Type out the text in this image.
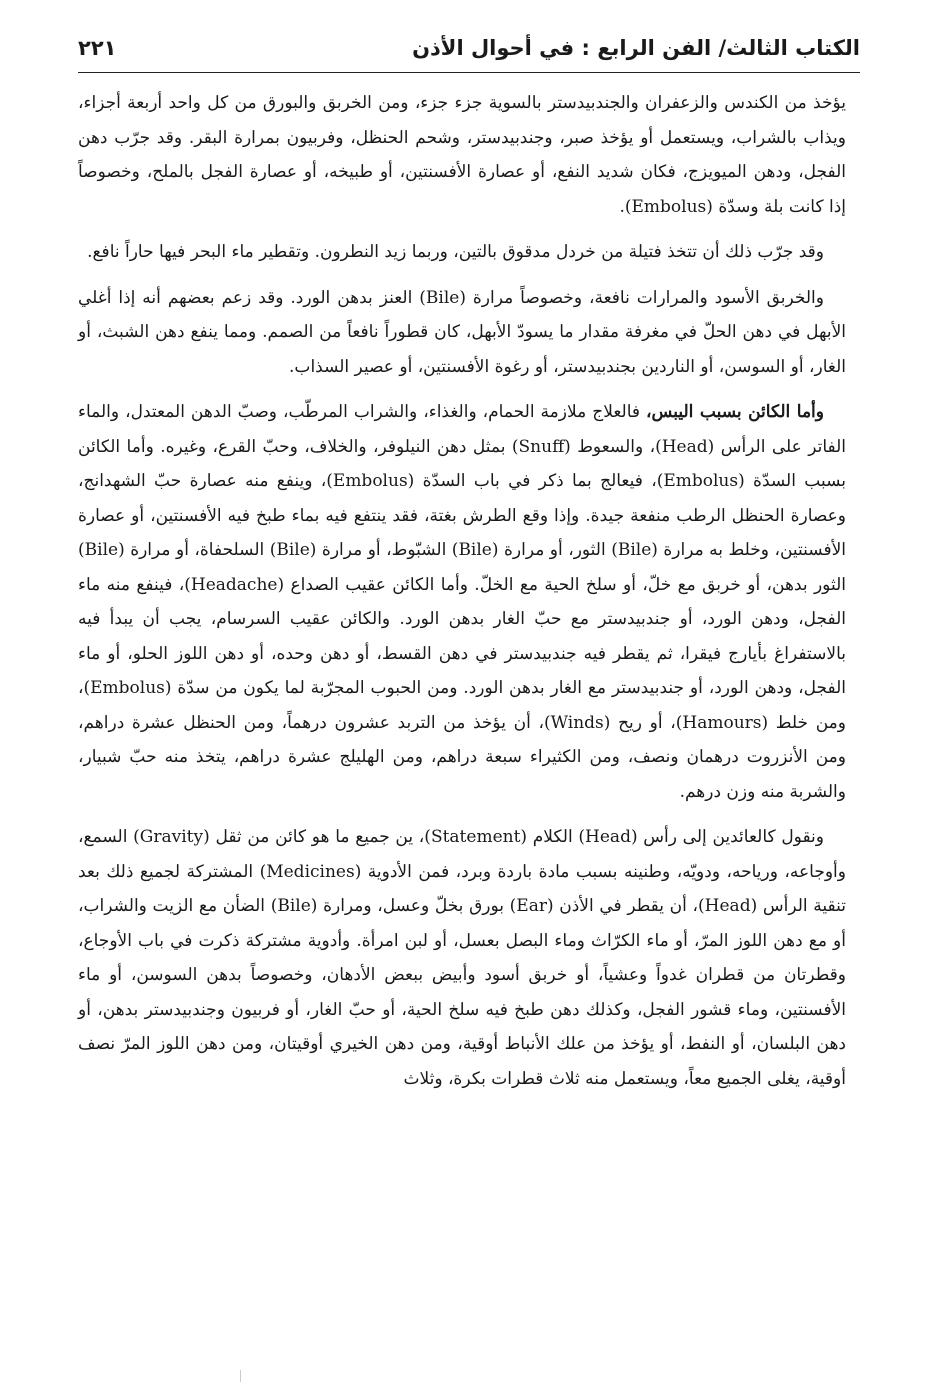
الكتاب الثالث/ الفن الرابع : في أحوال الأذن
٢٢١

يؤخذ من الكندس والزعفران والجندبيدستر بالسوية جزء جزء، ومن الخربق والبورق من كل واحد أربعة أجزاء، ويذاب بالشراب، ويستعمل أو يؤخذ صبر، وجندبيدستر، وشحم الحنظل، وفربيون بمرارة البقر. وقد جرّب دهن الفجل، ودهن الميويزج، فكان شديد النفع، أو عصارة الأفسنتين، أو طبيخه، أو عصارة الفجل بالملح، وخصوصاً إذا كانت بلة وسدّة (Embolus).

وقد جرّب ذلك أن تتخذ فتيلة من خردل مدقوق بالتين، وربما زيد النطرون. وتقطير ماء البحر فيها حاراً نافع.

والخربق الأسود والمرارات نافعة، وخصوصاً مرارة (Bile) العنز بدهن الورد. وقد زعم بعضهم أنه إذا أغلي الأبهل في دهن الحلّ في مغرفة مقدار ما يسودّ الأبهل، كان قطوراً نافعاً من الصمم. ومما ينفع دهن الشبث، أو الغار، أو السوسن، أو الناردين بجندبيدستر، أو رغوة الأفسنتين، أو عصير السذاب.

وأما الكائن بسبب اليبس، فالعلاج ملازمة الحمام، والغذاء، والشراب المرطّب، وصبّ الدهن المعتدل، والماء الفاتر على الرأس (Head)، والسعوط (Snuff) بمثل دهن النيلوفر، والخلاف، وحبّ القرع، وغيره. وأما الكائن بسبب السدّة (Embolus)، فيعالج بما ذكر في باب السدّة (Embolus)، وينفع منه عصارة حبّ الشهدانج، وعصارة الحنظل الرطب منفعة جيدة. وإذا وقع الطرش بغتة، فقد ينتفع فيه بماء طبخ فيه الأفسنتين، أو عصارة الأفسنتين، وخلط به مرارة (Bile) الثور، أو مرارة (Bile) الشبّوط، أو مرارة (Bile) السلحفاة، أو مرارة (Bile) الثور بدهن، أو خربق مع خلّ، أو سلخ الحية مع الخلّ. وأما الكائن عقيب الصداع (Headache)، فينفع منه ماء الفجل، ودهن الورد، أو جندبيدستر مع حبّ الغار بدهن الورد. والكائن عقيب السرسام، يجب أن يبدأ فيه بالاستفراغ بأيارج فيقرا، ثم يقطر فيه جندبيدستر في دهن القسط، أو دهن وحده، أو دهن اللوز الحلو، أو ماء الفجل، ودهن الورد، أو جندبيدستر مع الغار بدهن الورد. ومن الحبوب المجرّبة لما يكون من سدّة (Embolus)، ومن خلط (Hamours)، أو ريح (Winds)، أن يؤخذ من التربد عشرون درهماً، ومن الحنظل عشرة دراهم، ومن الأنزروت درهمان ونصف، ومن الكثيراء سبعة دراهم، ومن الهليلج عشرة دراهم، يتخذ منه حبّ شبيار، والشربة منه وزن درهم.

ونقول كالعائدين إلى رأس (Head) الكلام (Statement)، ين جميع ما هو كائن من ثقل (Gravity) السمع، وأوجاعه، ورياحه، ودويّه، وطنينه بسبب مادة باردة وبرد، فمن الأدوية (Medicines) المشتركة لجميع ذلك بعد تنقية الرأس (Head)، أن يقطر في الأذن (Ear) بورق بخلّ وعسل، ومرارة (Bile) الضأن مع الزيت والشراب، أو مع دهن اللوز المرّ، أو ماء الكرّاث وماء البصل بعسل، أو لبن امرأة. وأدوية مشتركة ذكرت في باب الأوجاع، وقطرتان من قطران غدواً وعشياً، أو خربق أسود وأبيض ببعض الأدهان، وخصوصاً بدهن السوسن، أو ماء الأفسنتين، وماء قشور الفجل، وكذلك دهن طبخ فيه سلخ الحية، أو حبّ الغار، أو فربيون وجندبيدستر بدهن، أو دهن البلسان، أو النفط، أو يؤخذ من علك الأنباط أوقية، ومن دهن الخيري أوقيتان، ومن دهن اللوز المرّ نصف أوقية، يغلى الجميع معاً، ويستعمل منه ثلاث قطرات بكرة، وثلاث
